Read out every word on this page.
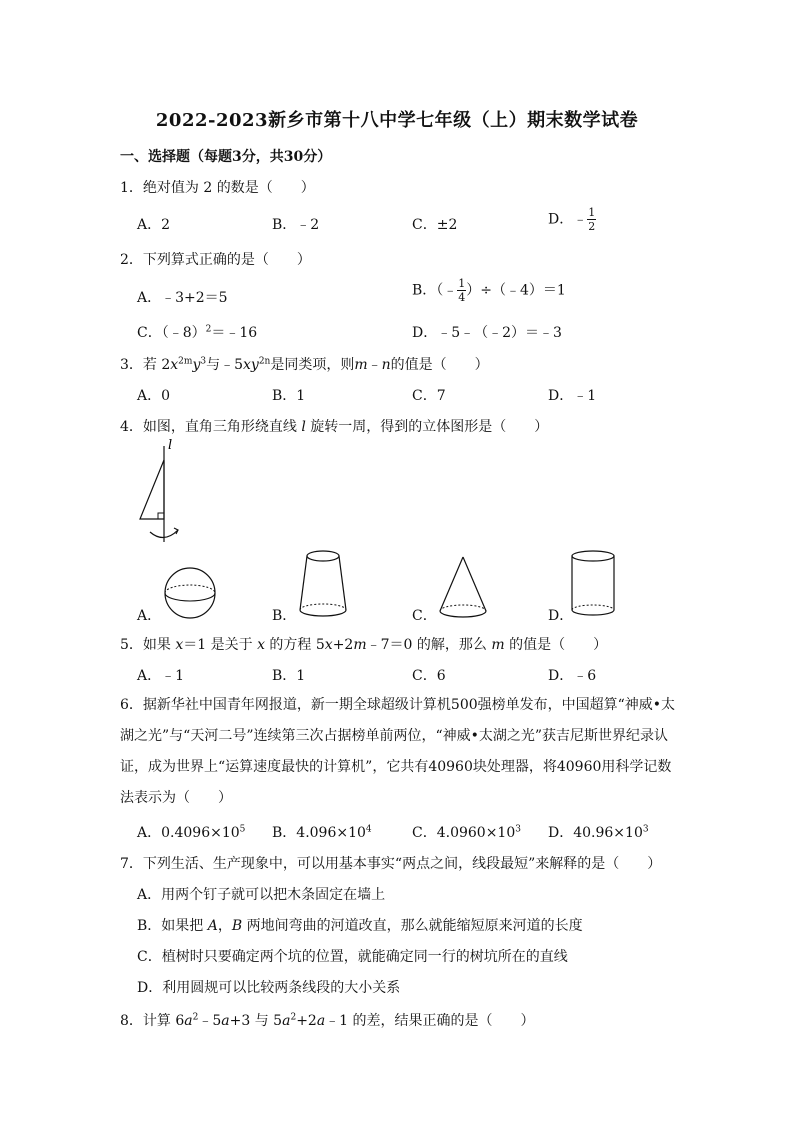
2022-2023新乡市第十八中学七年级（上）期末数学试卷
一、选择题（每题3分，共30分）
1．绝对值为 2 的数是（　　）
A．2	B．﹣2	C．±2	D．﹣ $\frac{1}{2}$
2．下列算式正确的是（　　）
A．﹣3+2＝5	B．（﹣ $\frac{1}{4}$ ）÷（﹣4）＝1
C．（﹣8）$^2$＝﹣16	D．﹣5﹣（﹣2）＝﹣3
3．若 $2x^{2m}y^3$与$﹣5xy^{2n}$是同类项，则m﹣n的值是（　　）
A．0	B．1	C．7	D．﹣1
4．如图，直角三角形绕直线 l 旋转一周，得到的立体图形是（　　）
l
A．	B．	C．	D．
5．如果 x＝1 是关于 x 的方程 5x+2m﹣7＝0 的解，那么 m 的值是（　　）
A．﹣1	B．1	C．6	D．﹣6
6．据新华社中国青年网报道，新一期全球超级计算机500强榜单发布，中国超算“神威•太湖之光”与“天河二号”连续第三次占据榜单前两位，“神威•太湖之光”获吉尼斯世界纪录认证，成为世界上“运算速度最快的计算机”，它共有40960块处理器，将40960用科学记数法表示为（　　）
A．$0.4096\times 10^5$ B．$4.096\times 10^4$	C．$4.0960\times 10^3$ D．$40.96\times 10^3$
7．下列生活、生产现象中，可以用基本事实“两点之间，线段最短”来解释的是（　　）
A．用两个钉子就可以把木条固定在墙上
B．如果把 A，B 两地间弯曲的河道改直，那么就能缩短原来河道的长度
C．植树时只要确定两个坑的位置，就能确定同一行的树坑所在的直线
D．利用圆规可以比较两条线段的大小关系
8．计算 $6a^2﹣5a+3$ 与 $5a^2+2a﹣1$ 的差，结果正确的是（　　）
